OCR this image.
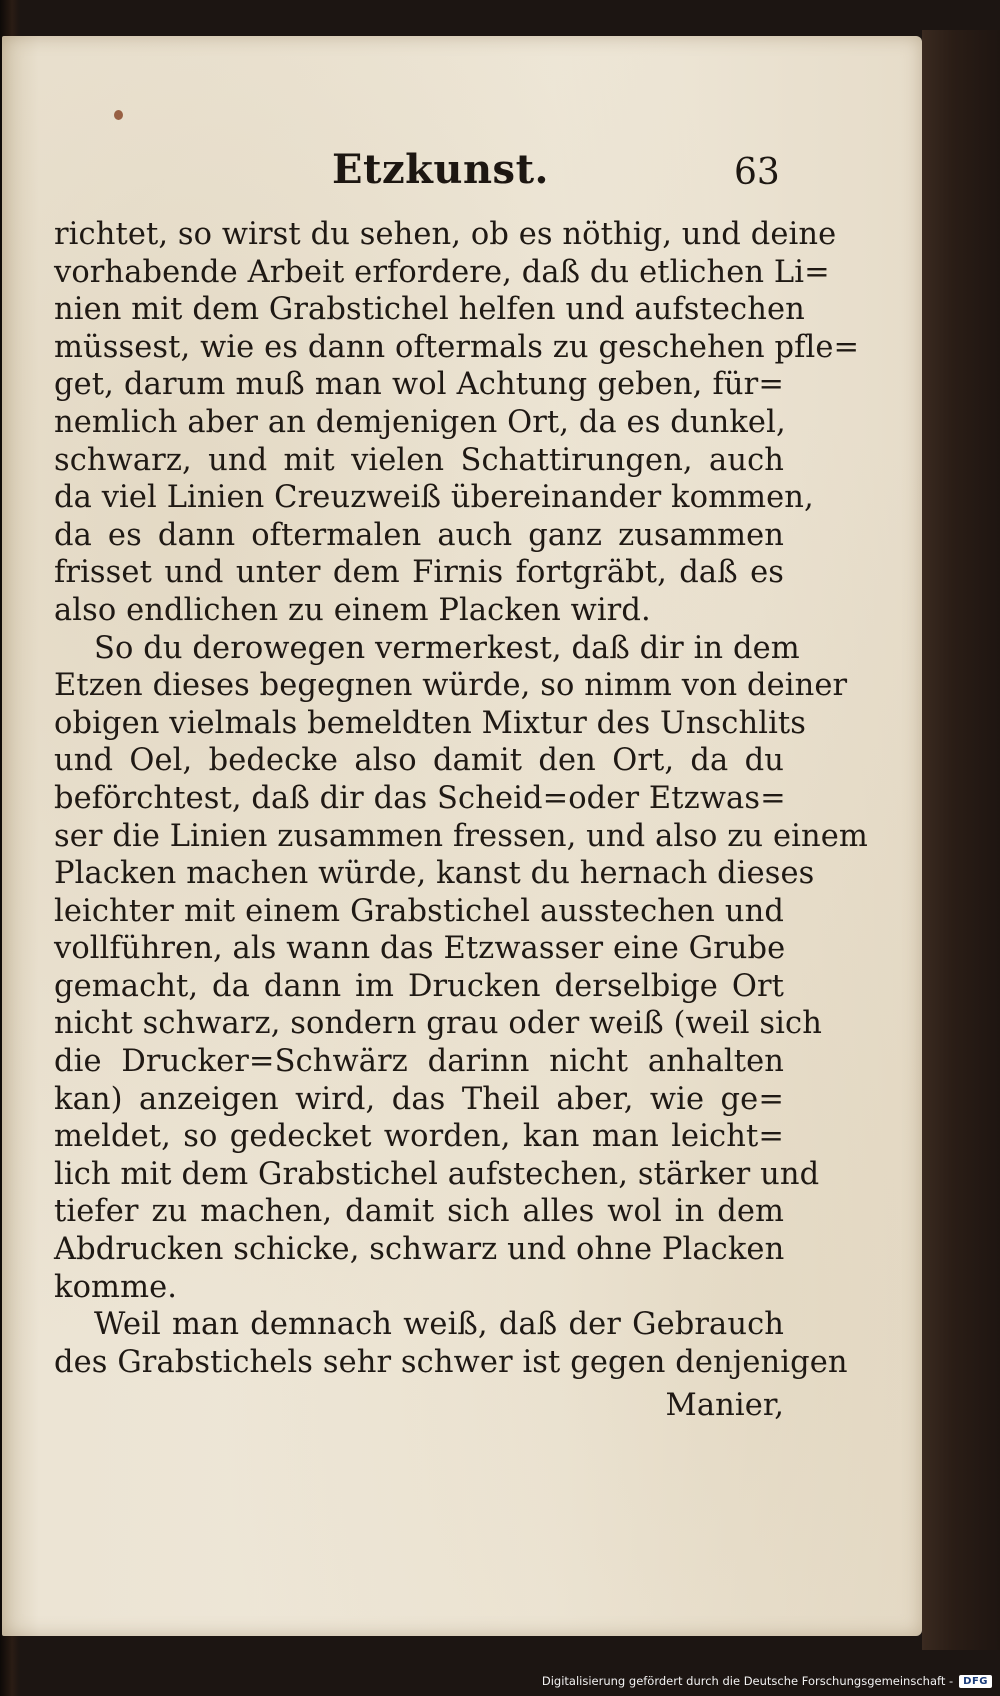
Etzkunst.	63
richtet, so wirst du sehen, ob es nöthig, und deine
vorhabende Arbeit erfordere, daß du etlichen Li=
nien mit dem Grabstichel helfen und aufstechen
müssest, wie es dann oftermals zu geschehen pfle=
get, darum muß man wol Achtung geben, für=
nemlich aber an demjenigen Ort, da es dunkel,
schwarz, und mit vielen Schattirungen, auch
da viel Linien Creuzweiß übereinander kommen,
da es dann oftermalen auch ganz zusammen
frisset und unter dem Firnis fortgräbt, daß es
also endlichen zu einem Placken wird.
So du derowegen vermerkest, daß dir in dem
Etzen dieses begegnen würde, so nimm von deiner
obigen vielmals bemeldten Mixtur des Unschlits
und Oel, bedecke also damit den Ort, da du
beförchtest, daß dir das Scheid=oder Etzwas=
ser die Linien zusammen fressen, und also zu einem
Placken machen würde, kanst du hernach dieses
leichter mit einem Grabstichel ausstechen und
vollführen, als wann das Etzwasser eine Grube
gemacht, da dann im Drucken derselbige Ort
nicht schwarz, sondern grau oder weiß (weil sich
die Drucker=Schwärz darinn nicht anhalten
kan) anzeigen wird, das Theil aber, wie ge=
meldet, so gedecket worden, kan man leicht=
lich mit dem Grabstichel aufstechen, stärker und
tiefer zu machen, damit sich alles wol in dem
Abdrucken schicke, schwarz und ohne Placken
komme.
Weil man demnach weiß, daß der Gebrauch
des Grabstichels sehr schwer ist gegen denjenigen
Manier,
Digitalisierung gefördert durch die Deutsche Forschungsgemeinschaft -	DFG
